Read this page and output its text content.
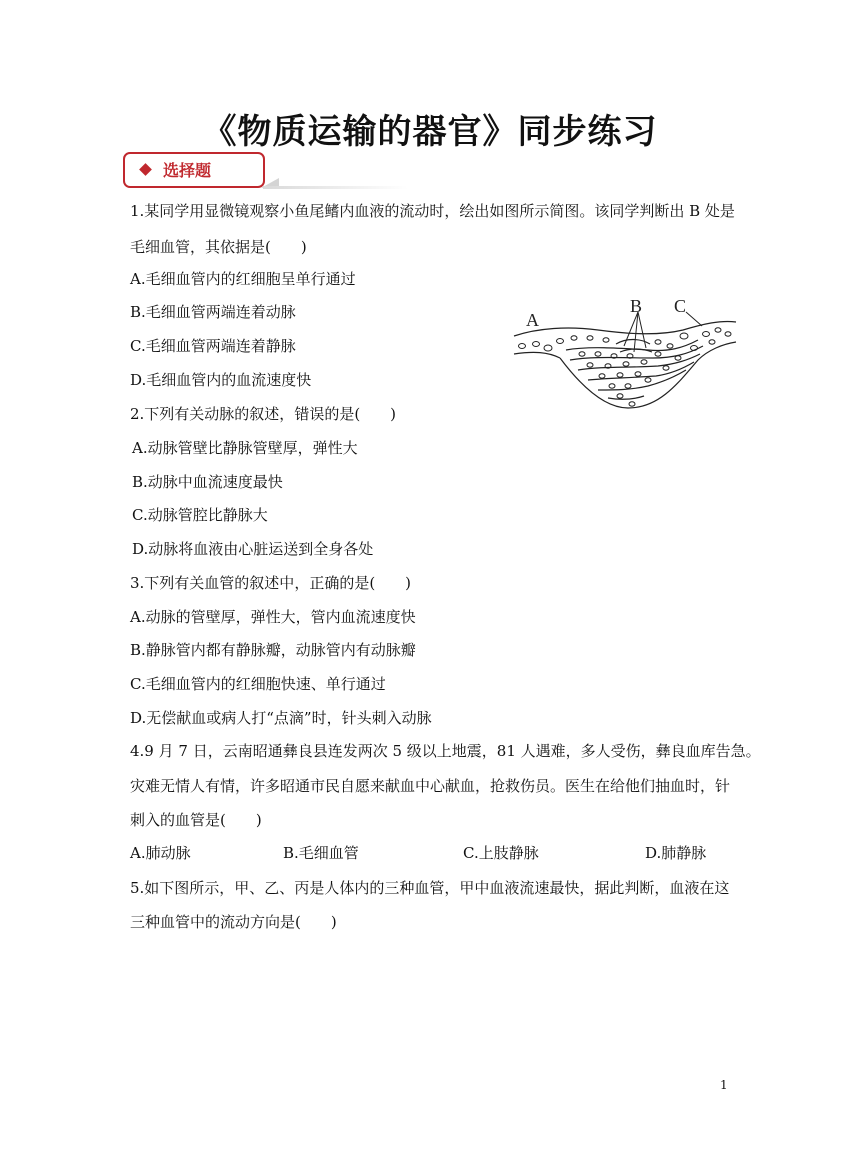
《物质运输的器官》同步练习
选择题
1.某同学用显微镜观察小鱼尾鳍内血液的流动时，绘出如图所示简图。该同学判断出 B 处是
毛细血管，其依据是(　　)
A.毛细血管内的红细胞呈单行通过
B.毛细血管两端连着动脉
C.毛细血管两端连着静脉
D.毛细血管内的血流速度快
A
B C
2.下列有关动脉的叙述，错误的是(　　)
A.动脉管壁比静脉管壁厚，弹性大
B.动脉中血流速度最快
C.动脉管腔比静脉大
D.动脉将血液由心脏运送到全身各处
3.下列有关血管的叙述中，正确的是(　　)
A.动脉的管壁厚，弹性大，管内血流速度快
B.静脉管内都有静脉瓣，动脉管内有动脉瓣
C.毛细血管内的红细胞快速、单行通过
D.无偿献血或病人打“点滴”时，针头刺入动脉
4.9 月 7 日，云南昭通彝良县连发两次 5 级以上地震，81 人遇难，多人受伤，彝良血库告急。
灾难无情人有情，许多昭通市民自愿来献血中心献血，抢救伤员。医生在给他们抽血时，针
刺入的血管是(　　)
A.肺动脉	B.毛细血管	C.上肢静脉	D.肺静脉
5.如下图所示，甲、乙、丙是人体内的三种血管，甲中血液流速最快，据此判断，血液在这
三种血管中的流动方向是(　　)
1
